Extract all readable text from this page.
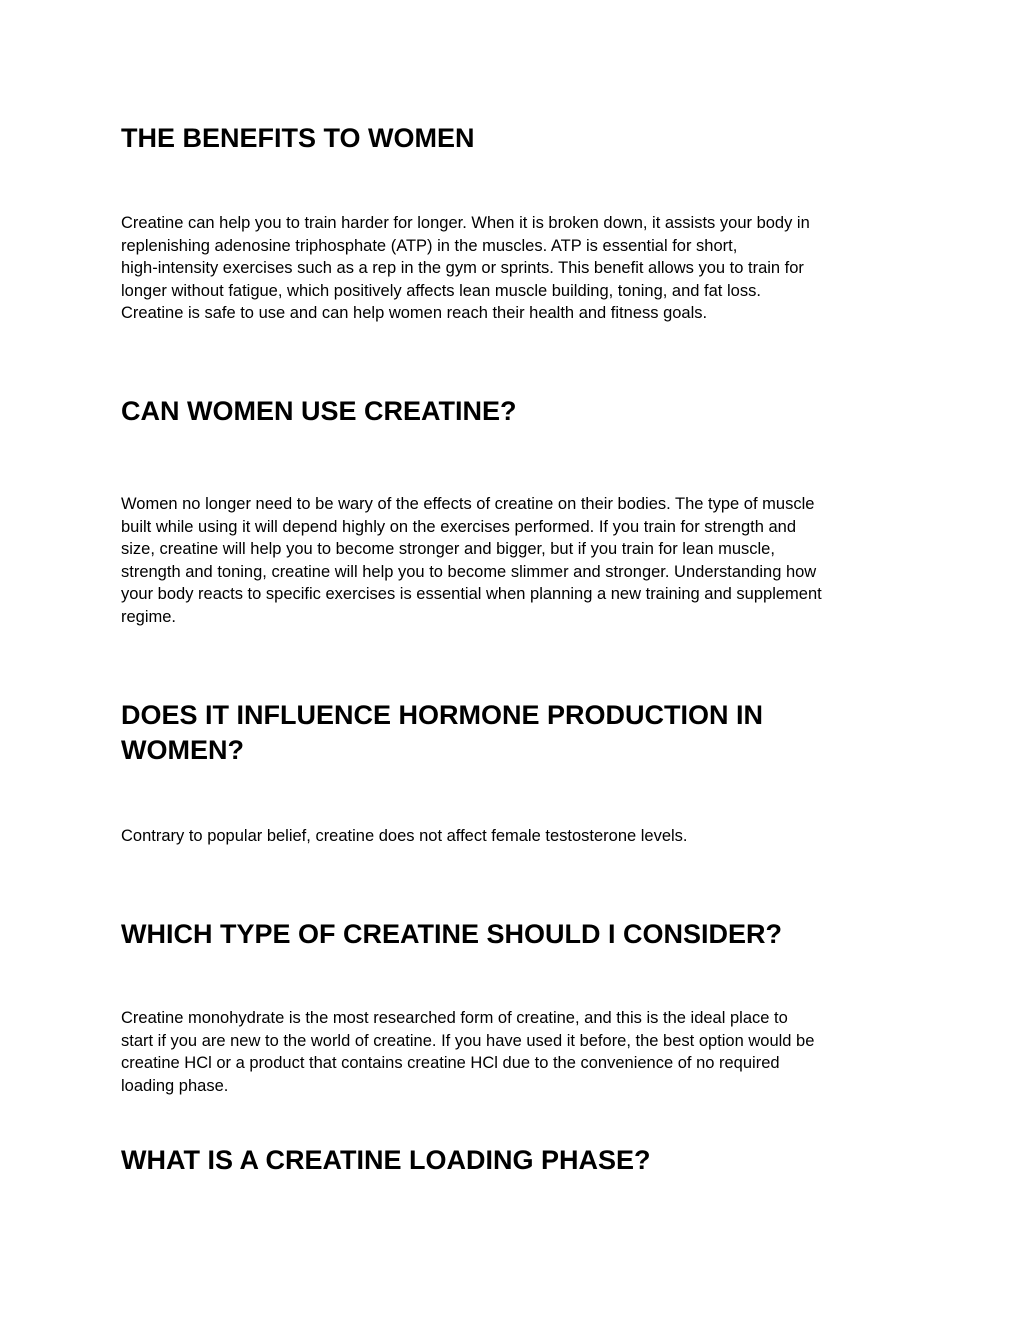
THE BENEFITS TO WOMEN
Creatine can help you to train harder for longer. When it is broken down, it assists your body in
replenishing adenosine triphosphate (ATP) in the muscles. ATP is essential for short,
high-intensity exercises such as a rep in the gym or sprints. This benefit allows you to train for
longer without fatigue, which positively affects lean muscle building, toning, and fat loss.
Creatine is safe to use and can help women reach their health and fitness goals.
CAN WOMEN USE CREATINE?
Women no longer need to be wary of the effects of creatine on their bodies. The type of muscle
built while using it will depend highly on the exercises performed. If you train for strength and
size, creatine will help you to become stronger and bigger, but if you train for lean muscle,
strength and toning, creatine will help you to become slimmer and stronger. Understanding how
your body reacts to specific exercises is essential when planning a new training and supplement
regime.
DOES IT INFLUENCE HORMONE PRODUCTION IN
WOMEN?
Contrary to popular belief, creatine does not affect female testosterone levels.
WHICH TYPE OF CREATINE SHOULD I CONSIDER?
Creatine monohydrate is the most researched form of creatine, and this is the ideal place to
start if you are new to the world of creatine. If you have used it before, the best option would be
creatine HCl or a product that contains creatine HCl due to the convenience of no required
loading phase.
WHAT IS A CREATINE LOADING PHASE?
